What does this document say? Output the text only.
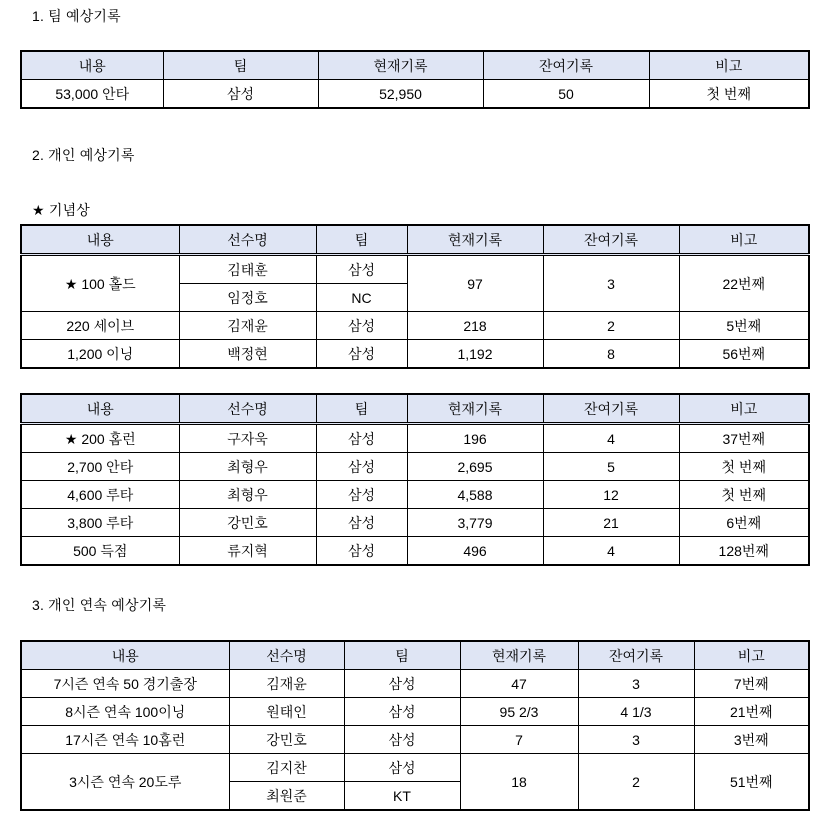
1. 팀 예상기록
내용	팀	현재기록	잔여기록	비고
53,000 안타	삼성	52,950	50	첫 번째
2. 개인 예상기록
★ 기념상
내용	선수명	팀	현재기록	잔여기록	비고
★ 100 홀드	김태훈	삼성	97	3	22번째
	임정호	NC			
220 세이브	김재윤	삼성	218	2	5번째
1,200 이닝	백정현	삼성	1,192	8	56번째
내용	선수명	팀	현재기록	잔여기록	비고
★ 200 홈런	구자욱	삼성	196	4	37번째
2,700 안타	최형우	삼성	2,695	5	첫 번째
4,600 루타	최형우	삼성	4,588	12	첫 번째
3,800 루타	강민호	삼성	3,779	21	6번째
500 득점	류지혁	삼성	496	4	128번째
3. 개인 연속 예상기록
내용	선수명	팀	현재기록	잔여기록	비고
7시즌 연속 50 경기출장	김재윤	삼성	47	3	7번째
8시즌 연속 100이닝	원태인	삼성	95 2/3	4 1/3	21번째
17시즌 연속 10홈런	강민호	삼성	7	3	3번째
3시즌 연속 20도루	김지찬	삼성	18	2	51번째
	최원준	KT			
